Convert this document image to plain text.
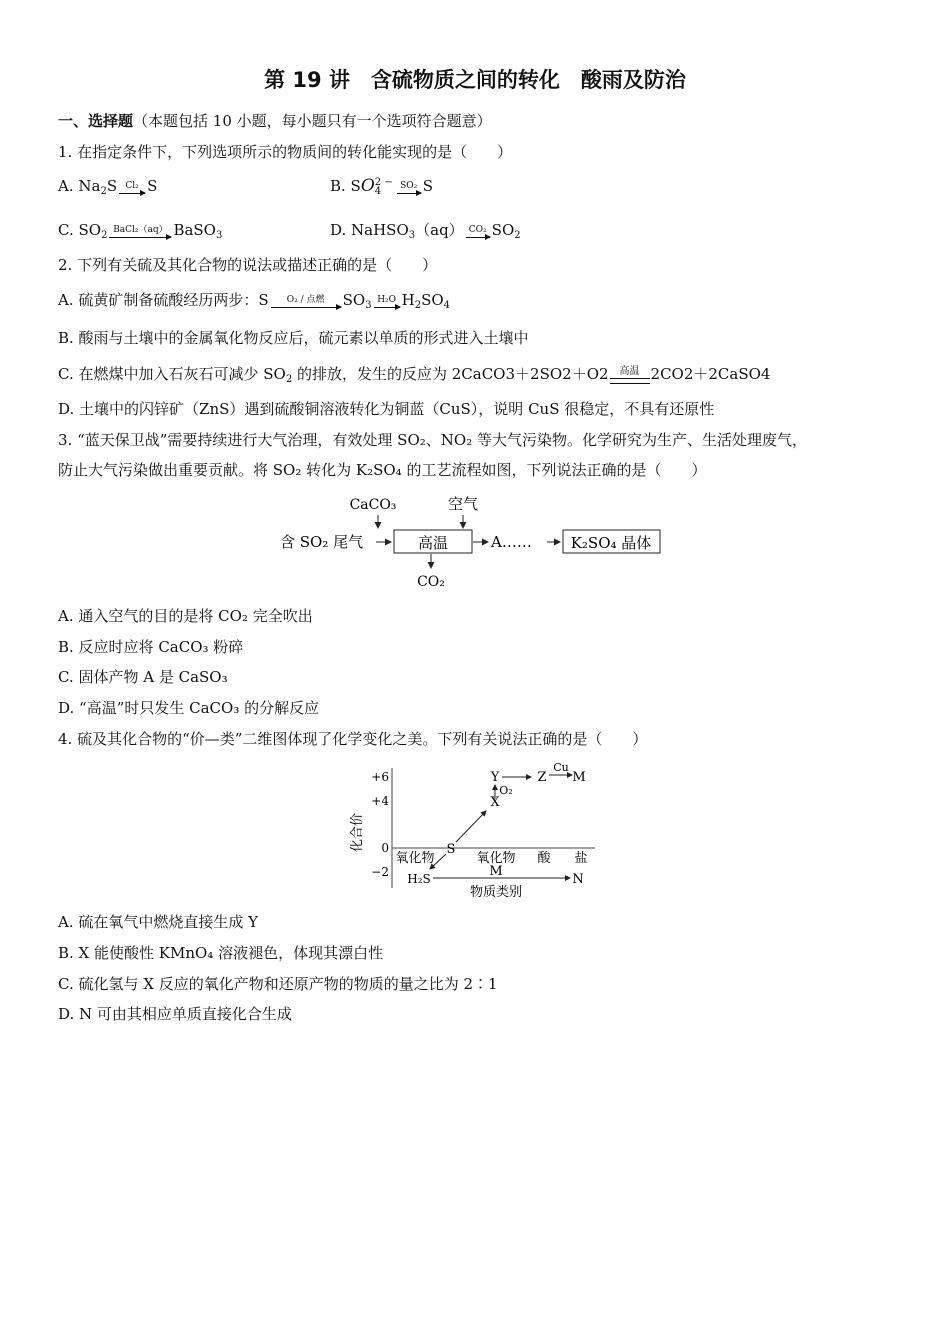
第 19 讲　含硫物质之间的转化　酸雨及防治
一、选择题（本题包括 10 小题，每小题只有一个选项符合题意）
1. 在指定条件下，下列选项所示的物质间的转化能实现的是（　　）
A. $Na_2S$ Cl₂ S	B. SO 2 −
4
SO₂ S
C. $SO_2$
BaCl₂（aq） BaSO$_3$	D. NaHSO$_3$（aq） CO₂ $SO_2$
2. 下列有关硫及其化合物的说法或描述正确的是（　　）
A. 硫黄矿制备硫酸经历两步：S	O₂ / 点燃	$SO_3$
H₂O $H_2SO_4$
B. 酸雨与土壤中的金属氧化物反应后，硫元素以单质的形式进入土壤中
C. 在燃煤中加入石灰石可减少 $SO_2$ 的排放，发生的反应为 2CaCO3＋2SO2＋O2	高温 2CO2＋2CaSO4
D. 土壤中的闪锌矿（ZnS）遇到硫酸铜溶液转化为铜蓝（CuS），说明 CuS 很稳定，不具有还原性
3. “蓝天保卫战”需要持续进行大气治理，有效处理 SO₂、NO₂ 等大气污染物。化学研究为生产、生活处理废气，
防止大气污染做出重要贡献。将 SO₂ 转化为 K₂SO₄ 的工艺流程如图，下列说法正确的是（　　）
CaCO₃	空气
含 SO₂ 尾气	高温
CO₂
A……	K₂SO₄ 晶体
A. 通入空气的目的是将 CO₂ 完全吹出
B. 反应时应将 CaCO₃ 粉碎
C. 固体产物 A 是 CaSO₃
D. “高温”时只发生 CaCO₃ 的分解反应
4. 硫及其化合物的“价—类”二维图体现了化学变化之美。下列有关说法正确的是（　　）
化合价
+6
+4
0
−2
氧化物	氧化物 酸 盐
Y	Z
Cu
M
O₂
X
S
H₂S	M
N
物质类别
A. 硫在氧气中燃烧直接生成 Y
B. X 能使酸性 KMnO₄ 溶液褪色，体现其漂白性
C. 硫化氢与 X 反应的氧化产物和还原产物的物质的量之比为 2∶1
D. N 可由其相应单质直接化合生成
